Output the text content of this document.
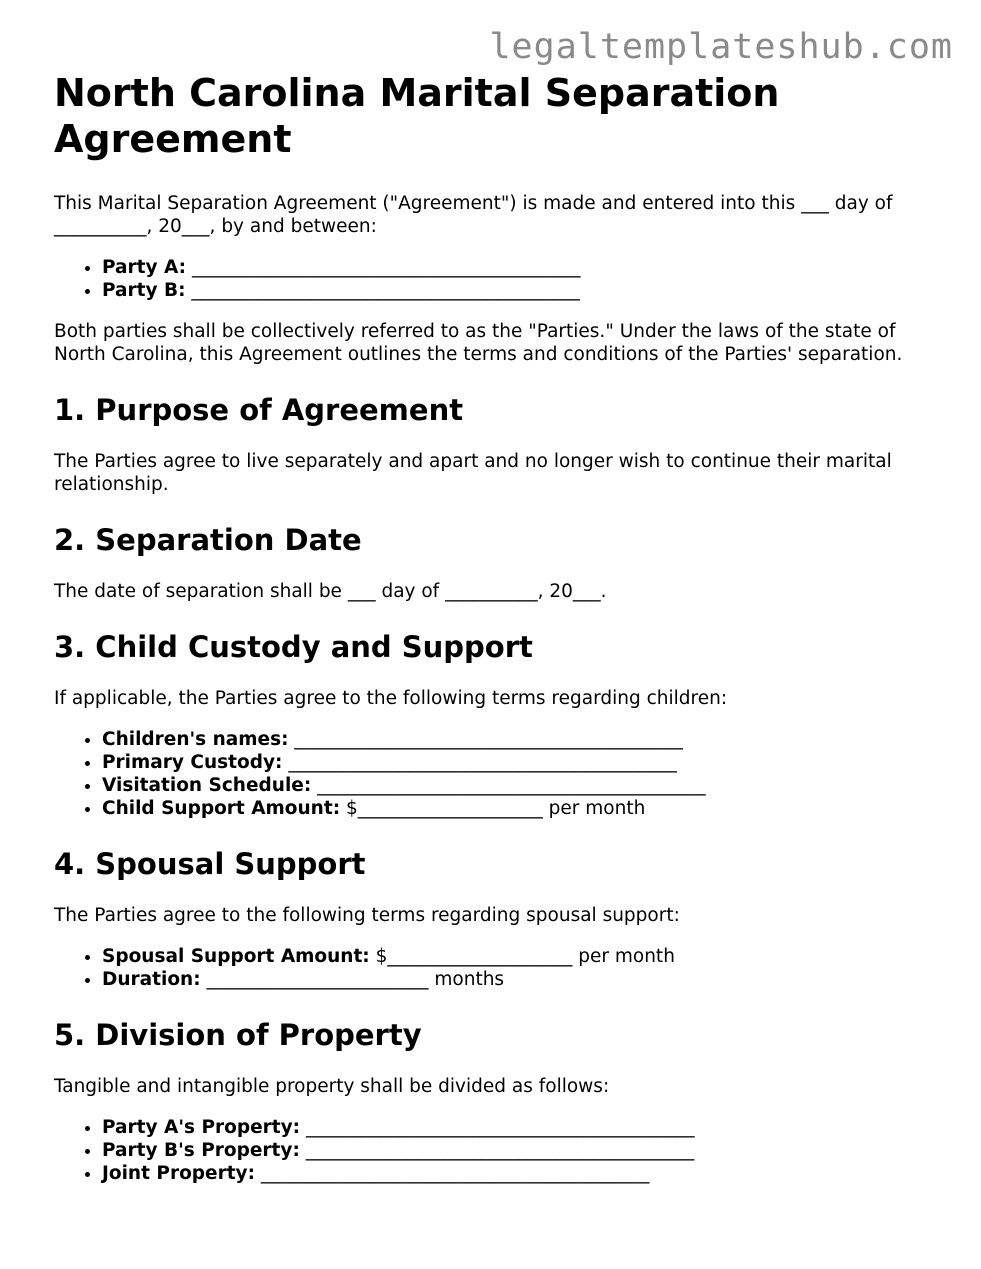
legaltemplateshub.com
North Carolina Marital Separation Agreement

This Marital Separation Agreement ("Agreement") is made and entered into this ___ day of __________, 20___, by and between:

• Party A: __________________________________________
• Party B: __________________________________________

Both parties shall be collectively referred to as the "Parties." Under the laws of the state of North Carolina, this Agreement outlines the terms and conditions of the Parties' separation.

1. Purpose of Agreement

The Parties agree to live separately and apart and no longer wish to continue their marital relationship.

2. Separation Date

The date of separation shall be ___ day of __________, 20___.

3. Child Custody and Support

If applicable, the Parties agree to the following terms regarding children:

• Children's names: __________________________________________
• Primary Custody: __________________________________________
• Visitation Schedule: __________________________________________
• Child Support Amount: $____________________ per month
4. Spousal Support

The Parties agree to the following terms regarding spousal support:

• Spousal Support Amount: $____________________ per month
• Duration: ________________________ months
5. Division of Property

Tangible and intangible property shall be divided as follows:

• Party A's Property: __________________________________________
• Party B's Property: __________________________________________
• Joint Property: __________________________________________
